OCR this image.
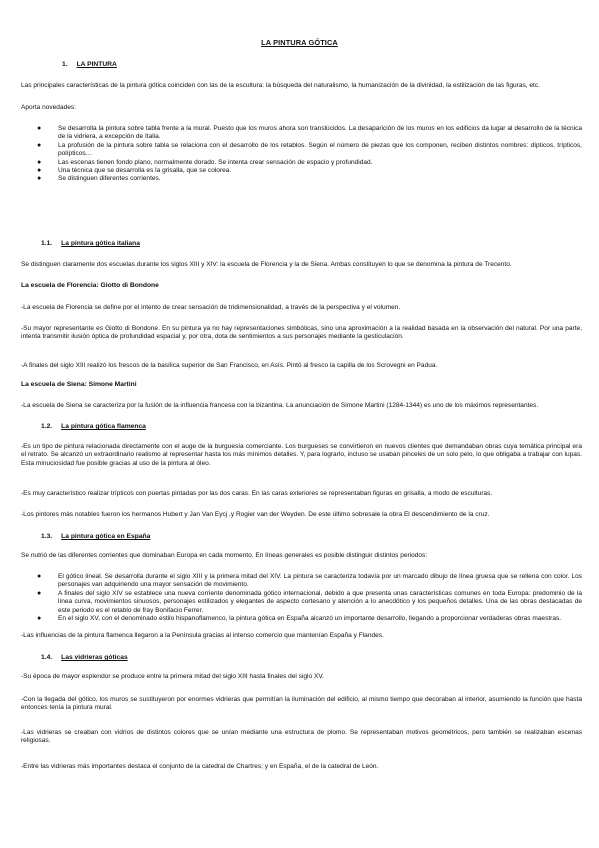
LA PINTURA GÓTICA
1. LA PINTURA
Las principales características de la pintura gótica coinciden con las de la escultura: la búsqueda del naturalismo, la humanización de la divinidad, la estilización de las figuras, etc.
Aporta novedades:
●	Se desarrolla la pintura sobre tabla frente a la mural. Puesto que los muros ahora son translúcidos. La desaparición de los muros en los edificios da lugar al desarrollo de la técnica de la vidriera, a excepción de Italia.
●	La profusión de la pintura sobre tabla se relaciona con el desarrollo de los retablos. Según el número de piezas que los componen, reciben distintos nombres: dípticos, trípticos, polípticos…
●	Las escenas tienen fondo plano, normalmente dorado. Se intenta crear sensación de espacio y profundidad.
●	Una técnica que se desarrolla es la grisalla, que se colorea.
●	Se distinguen diferentes corrientes.
1.1. La pintura gótica italiana
Se distinguen claramente dos escuelas durante los siglos XIII y XIV: la escuela de Florencia y la de Siena. Ambas constituyen lo que se denomina la pintura de Trecento.
La escuela de Florencia: Giotto di Bondone
-La escuela de Florencia se define por el intento de crear sensación de tridimensionalidad, a través de la perspectiva y el volumen.
-Su mayor representante es Giotto di Bondone. En su pintura ya no hay representaciones simbólicas, sino una aproximación a la realidad basada en la observación del natural. Por una parte, intenta transmitir ilusión óptica de profundidad espacial y, por otra, dota de sentimientos a sus personajes mediante la gesticulación.
-A finales del siglo XIII realizó los frescos de la basílica superior de San Francisco, en Asís. Pintó al fresco la capilla de los Scrovegni en Padua.
La escuela de Siena: Simone Martini
-La escuela de Siena se caracteriza por la fusión de la influencia francesa con la bizantina. La anunciación de Simone Martini (1284-1344) es uno de los máximos representantes.
1.2. La pintura gótica flamenca
-Es un tipo de pintura relacionada directamente con el auge de la burguesía comerciante. Los burgueses se convirtieron en nuevos clientes que demandaban obras cuya temática principal era el retrato. Se alcanzó un extraordinario realismo al representar hasta los más mínimos detalles. Y, para lograrlo, incluso se usaban pinceles de un solo pelo, lo que obligaba a trabajar con lupas. Esta minuciosidad fue posible gracias al uso de la pintura al óleo.
-Es muy característico realizar trípticos con puertas pintadas por las dos caras. En las caras exteriores se representaban figuras en grisalla, a modo de esculturas.
-Los pintores más notables fueron los hermanos Hubert y Jan Van Eycj ,y Rogier van der Weyden. De este último sobresale la obra El descendimiento de la cruz.
1.3. La pintura gótica en España
Se nutrió de las diferentes corrientes que dominaban Europa en cada momento. En líneas generales es posible distinguir distintos periodos:
●	El gótico lineal. Se desarrolla durante el siglo XIII y la primera mitad del XIV. La pintura se caracteriza todavía por un marcado dibujo de línea gruesa que se rellena con color. Los personajes van adquiriendo una mayor sensación de movimiento.
●	A finales del siglo XIV se establece una nueva corriente denominada gótico internacional, debido a que presenta unas características comunes en toda Europa: predominio de la línea curva, movimientos sinuosos, personajes estilizados y elegantes de aspecto cortesano y atención a lo anecdótico y los pequeños detalles. Una de las obras destacadas de este periodo es el retablo de fray Bonifacio Ferrer.
●	En el siglo XV, con el denominado estilo hispanoflamenco, la pintura gótica en España alcanzó un importante desarrollo, llegando a proporcionar verdaderas obras maestras.
-Las influencias de la pintura flamenca llegaron a la Península gracias al intenso comercio que mantenían España y Flandes.
1.4. Las vidrieras góticas
-Su época de mayor esplendor se produce entre la primera mitad del siglo XIII hasta finales del siglo XV.
-Con la llegada del gótico, los muros se sustituyeron por enormes vidrieras que permitían la iluminación del edificio, al mismo tiempo que decoraban al interior, asumiendo la función que hasta entonces tenía la pintura mural.
-Las vidrieras se creaban con vidrios de distintos colores que se unían mediante una estructura de plomo. Se representaban motivos geométricos, pero también se realizaban escenas religiosas.
-Entre las vidrieras más importantes destaca el conjunto de la catedral de Chartres; y en España, el de la catedral de León.
